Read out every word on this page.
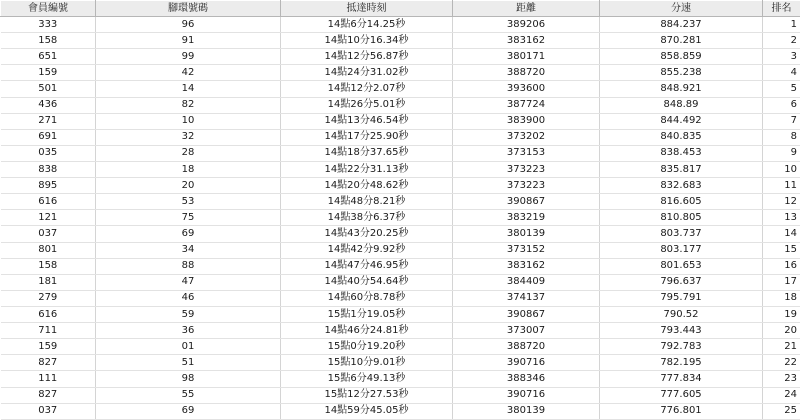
會員編號	腳環號碼	抵達時刻	距離	分速	排名
333	96	14點6分14.25秒	389206	884.237	1
158	91	14點10分16.34秒	383162	870.281	2
651	99	14點12分56.87秒	380171	858.859	3
159	42	14點24分31.02秒	388720	855.238	4
501	14	14點12分2.07秒	393600	848.921	5
436	82	14點26分5.01秒	387724	848.89	6
271	10	14點13分46.54秒	383900	844.492	7
691	32	14點17分25.90秒	373202	840.835	8
035	28	14點18分37.65秒	373153	838.453	9
838	18	14點22分31.13秒	373223	835.817	10
895	20	14點20分48.62秒	373223	832.683	11
616	53	14點48分8.21秒	390867	816.605	12
121	75	14點38分6.37秒	383219	810.805	13
037	69	14點43分20.25秒	380139	803.737	14
801	34	14點42分9.92秒	373152	803.177	15
158	88	14點47分46.95秒	383162	801.653	16
181	47	14點40分54.64秒	384409	796.637	17
279	46	14點60分8.78秒	374137	795.791	18
616	59	15點1分19.05秒	390867	790.52	19
711	36	14點46分24.81秒	373007	793.443	20
159	01	15點0分19.20秒	388720	792.783	21
827	51	15點10分9.01秒	390716	782.195	22
111	98	15點6分49.13秒	388346	777.834	23
827	55	15點12分27.53秒	390716	777.605	24
037	69	14點59分45.05秒	380139	776.801	25
